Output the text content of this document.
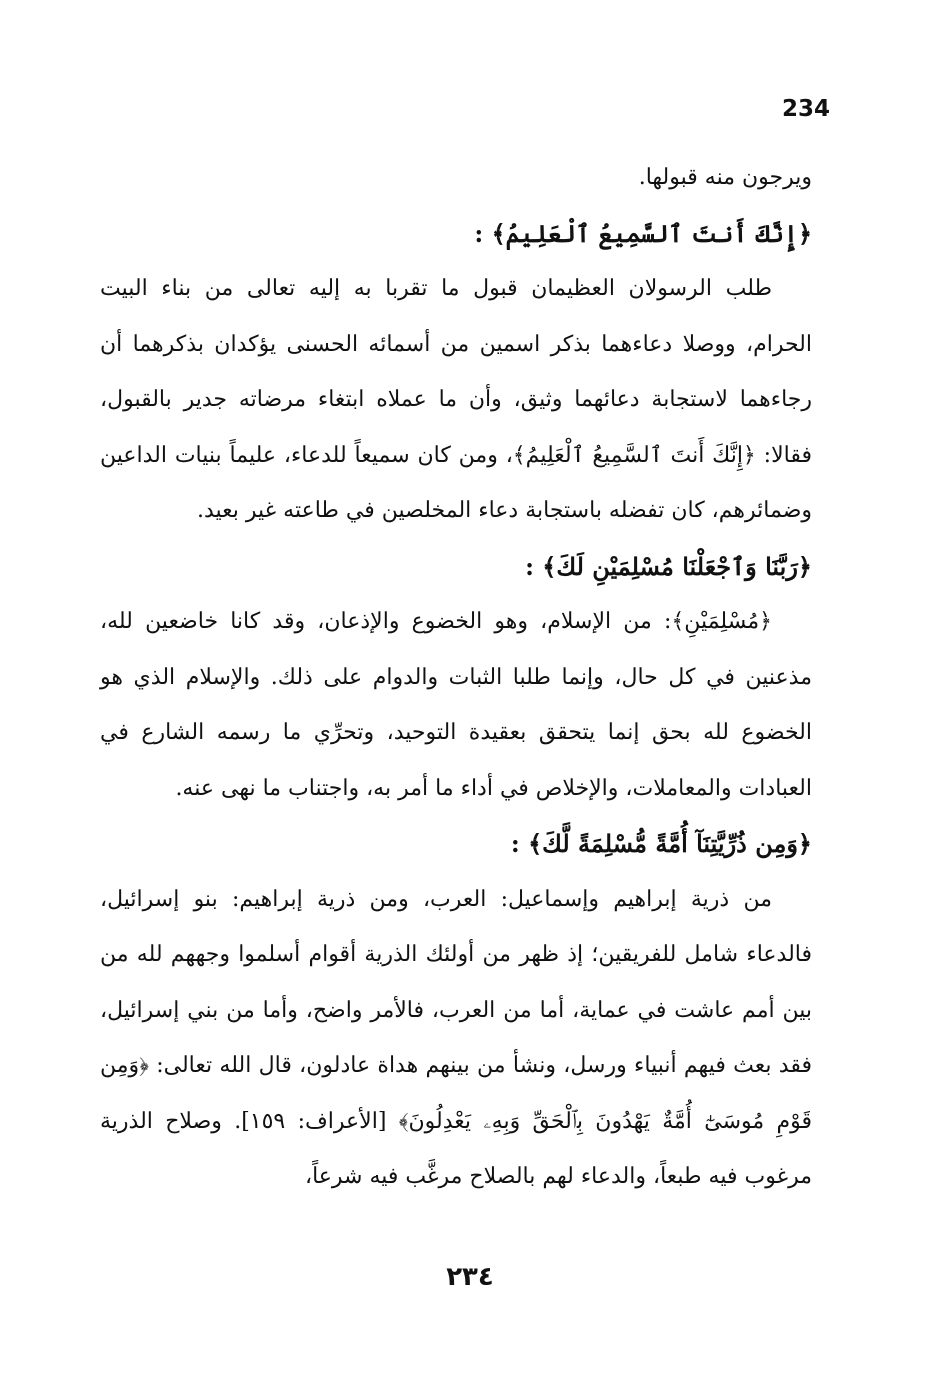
234

ويرجون منه قبولها.

﴿إِنَّكَ أَنتَ ٱلسَّمِيعُ ٱلْعَلِيمُ﴾ :

طلب الرسولان العظيمان قبول ما تقربا به إليه تعالى من بناء البيت الحرام، ووصلا دعاءهما بذكر اسمين من أسمائه الحسنى يؤكدان بذكرهما أن رجاءهما لاستجابة دعائهما وثيق، وأن ما عملاه ابتغاء مرضاته جدير بالقبول، فقالا: ﴿إِنَّكَ أَنتَ ٱلسَّمِيعُ ٱلْعَلِيمُ﴾، ومن كان سميعاً للدعاء، عليماً بنيات الداعين وضمائرهم، كان تفضله باستجابة دعاء المخلصين في طاعته غير بعيد.

﴿رَبَّنَا وَٱجْعَلْنَا مُسْلِمَيْنِ لَكَ﴾ :

﴿مُسْلِمَيْنِ﴾: من الإسلام، وهو الخضوع والإذعان، وقد كانا خاضعين لله، مذعنين في كل حال، وإنما طلبا الثبات والدوام على ذلك. والإسلام الذي هو الخضوع لله بحق إنما يتحقق بعقيدة التوحيد، وتحرِّي ما رسمه الشارع في العبادات والمعاملات، والإخلاص في أداء ما أمر به، واجتناب ما نهى عنه.

﴿وَمِن ذُرِّيَّتِنَآ أُمَّةً مُّسْلِمَةً لَّكَ﴾ :

من ذرية إبراهيم وإسماعيل: العرب، ومن ذرية إبراهيم: بنو إسرائيل، فالدعاء شامل للفريقين؛ إذ ظهر من أولئك الذرية أقوام أسلموا وجههم لله من بين أمم عاشت في عماية، أما من العرب، فالأمر واضح، وأما من بني إسرائيل، فقد بعث فيهم أنبياء ورسل، ونشأ من بينهم هداة عادلون، قال الله تعالى: ﴿وَمِن قَوْمِ مُوسَىٰٓ أُمَّةٌ يَهْدُونَ بِٱلْحَقِّ وَبِهِۦ يَعْدِلُونَ﴾ [الأعراف: ١٥٩]. وصلاح الذرية مرغوب فيه طبعاً، والدعاء لهم بالصلاح مرغَّب فيه شرعاً،

٢٣٤
